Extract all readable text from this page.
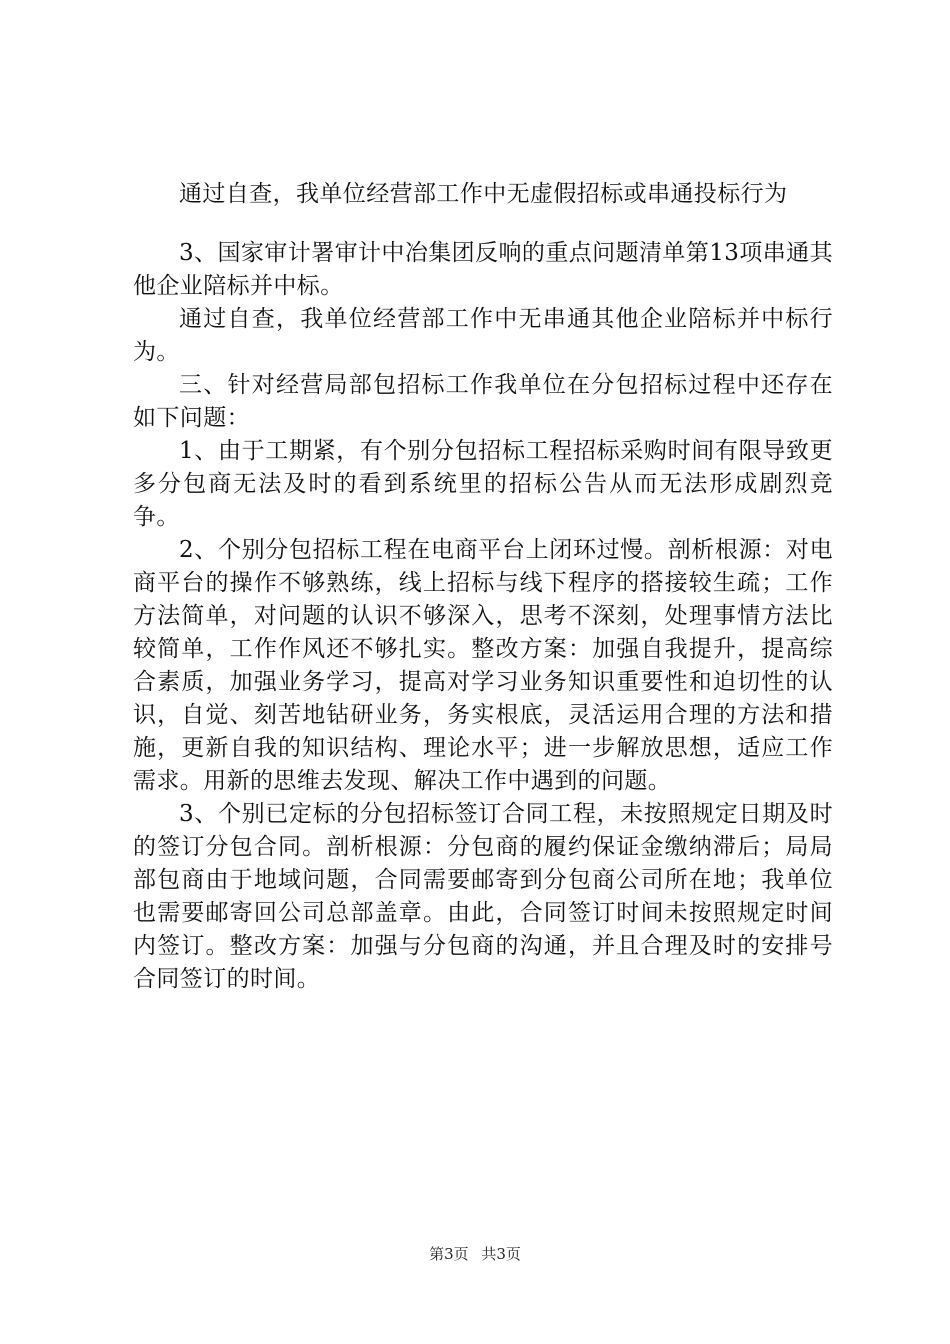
通过自查，我单位经营部工作中无虚假招标或串通投标行为

3、国家审计署审计中冶集团反响的重点问题清单第13项串通其他企业陪标并中标。

通过自查，我单位经营部工作中无串通其他企业陪标并中标行为。

三、针对经营局部包招标工作我单位在分包招标过程中还存在如下问题：

1、由于工期紧，有个别分包招标工程招标采购时间有限导致更多分包商无法及时的看到系统里的招标公告从而无法形成剧烈竞争。

2、个别分包招标工程在电商平台上闭环过慢。剖析根源：对电商平台的操作不够熟练，线上招标与线下程序的搭接较生疏；工作方法简单，对问题的认识不够深入，思考不深刻，处理事情方法比较简单，工作作风还不够扎实。整改方案：加强自我提升，提高综合素质，加强业务学习，提高对学习业务知识重要性和迫切性的认识，自觉、刻苦地钻研业务，务实根底，灵活运用合理的方法和措施，更新自我的知识结构、理论水平；进一步解放思想，适应工作需求。用新的思维去发现、解决工作中遇到的问题。

3、个别已定标的分包招标签订合同工程，未按照规定日期及时的签订分包合同。剖析根源：分包商的履约保证金缴纳滞后；局局部包商由于地域问题，合同需要邮寄到分包商公司所在地；我单位也需要邮寄回公司总部盖章。由此，合同签订时间未按照规定时间内签订。整改方案：加强与分包商的沟通，并且合理及时的安排号合同签订的时间。

第3页 共3页
